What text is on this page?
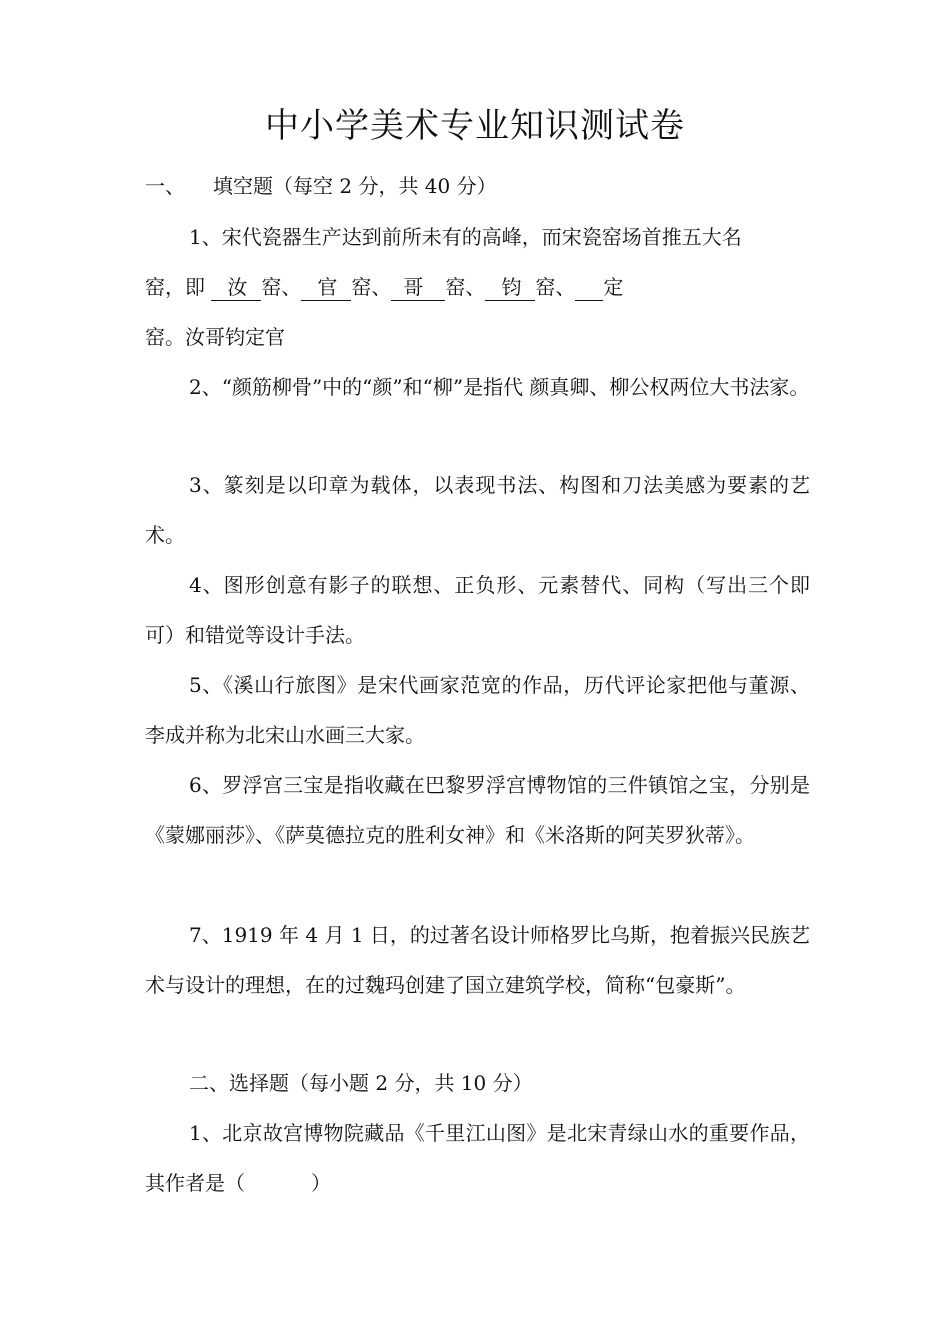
中小学美术专业知识测试卷
一、 填空题（每空 2 分，共 40 分）
1、宋代瓷器生产达到前所未有的高峰，而宋瓷窑场首推五大名
窑，即  汝  窑、  官  窑、  哥  窑、  钧  窑、   定
窑。汝哥钧定官
2、“颜筋柳骨”中的“颜”和“柳”是指代 颜真卿、柳公权两位大书法家。
3、篆刻是以印章为载体，以表现书法、构图和刀法美感为要素的艺术。
4、图形创意有影子的联想、正负形、元素替代、同构（写出三个即可）和错觉等设计手法。
5、《溪山行旅图》是宋代画家范宽的作品，历代评论家把他与董源、李成并称为北宋山水画三大家。
6、罗浮宫三宝是指收藏在巴黎罗浮宫博物馆的三件镇馆之宝，分别是《蒙娜丽莎》、《萨莫德拉克的胜利女神》和《米洛斯的阿芙罗狄蒂》。
7、1919 年 4 月 1 日，的过著名设计师格罗比乌斯，抱着振兴民族艺术与设计的理想，在的过魏玛创建了国立建筑学校，简称“包豪斯”。
二、选择题（每小题 2 分，共 10 分）
1、北京故宫博物院藏品《千里江山图》是北宋青绿山水的重要作品，其作者是（	）
